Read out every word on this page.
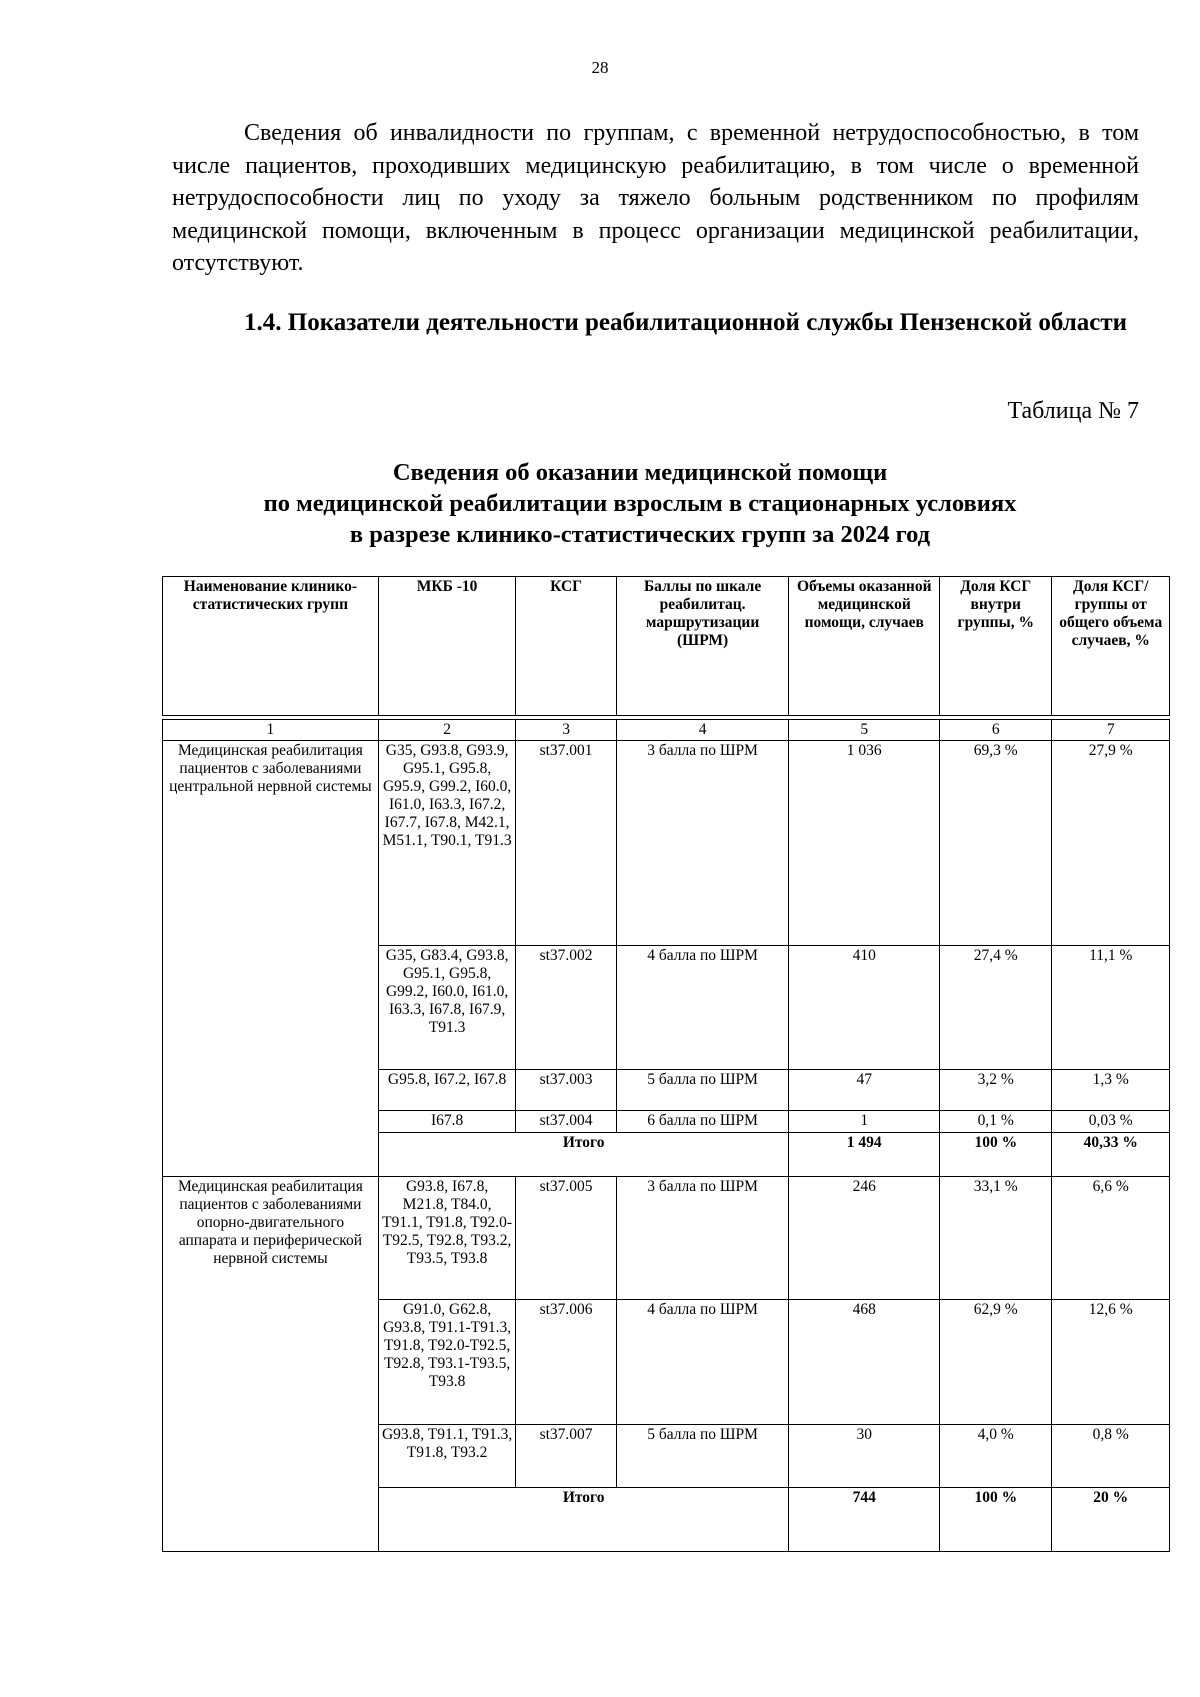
28

Сведения об инвалидности по группам, с временной нетрудоспособностью, в том числе пациентов, проходивших медицинскую реабилитацию, в том числе о временной нетрудоспособности лиц по уходу за тяжело больным родственником по профилям медицинской помощи, включенным в процесс организации медицинской реабилитации, отсутствуют.

1.4. Показатели деятельности реабилитационной службы Пензенской области

Таблица № 7
Сведения об оказании медицинской помощи
по медицинской реабилитации взрослым в стационарных условиях
в разрезе клинико-статистических групп за 2024 год
Наименование клинико-статистических групп	МКБ -10	КСГ	Баллы по шкале реабилитац. маршрутизации (ШРМ)	Объемы оказанной медицинской помощи, случаев	Доля КСГ внутри группы, %	Доля КСГ/ группы от общего объема случаев, %

1	2	3	4	5	6	7
Медицинская реабилитация пациентов с заболеваниями центральной нервной системы	G35, G93.8, G93.9, G95.1, G95.8, G95.9, G99.2, I60.0, I61.0, I63.3, I67.2, I67.7, I67.8, M42.1, M51.1, T90.1, T91.3	st37.001	3 балла по ШРМ	1 036	69,3 %	27,9 %
	G35, G83.4, G93.8, G95.1, G95.8, G99.2, I60.0, I61.0, I63.3, I67.8, I67.9, T91.3	st37.002	4 балла по ШРМ	410	27,4 %	11,1 %
	G95.8, I67.2, I67.8	st37.003	5 балла по ШРМ	47	3,2 %	1,3 %
	I67.8	st37.004	6 балла по ШРМ	1	0,1 %	0,03 %
	Итого			1 494	100 %	40,33 %

Медицинская реабилитация пациентов с заболеваниями опорно-двигательного аппарата и периферической нервной системы	G93.8, I67.8, M21.8, T84.0, T91.1, T91.8, T92.0-T92.5, T92.8, T93.2, T93.5, T93.8	st37.005	3 балла по ШРМ	246	33,1 %	6,6 %
	G91.0, G62.8, G93.8, T91.1-T91.3, T91.8, T92.0-T92.5, T92.8, T93.1-T93.5, T93.8	st37.006	4 балла по ШРМ	468	62,9 %	12,6 %
	G93.8, T91.1, T91.3, T91.8, T93.2	st37.007	5 балла по ШРМ	30	4,0 %	0,8 %
	Итого			744	100 %	20 %
